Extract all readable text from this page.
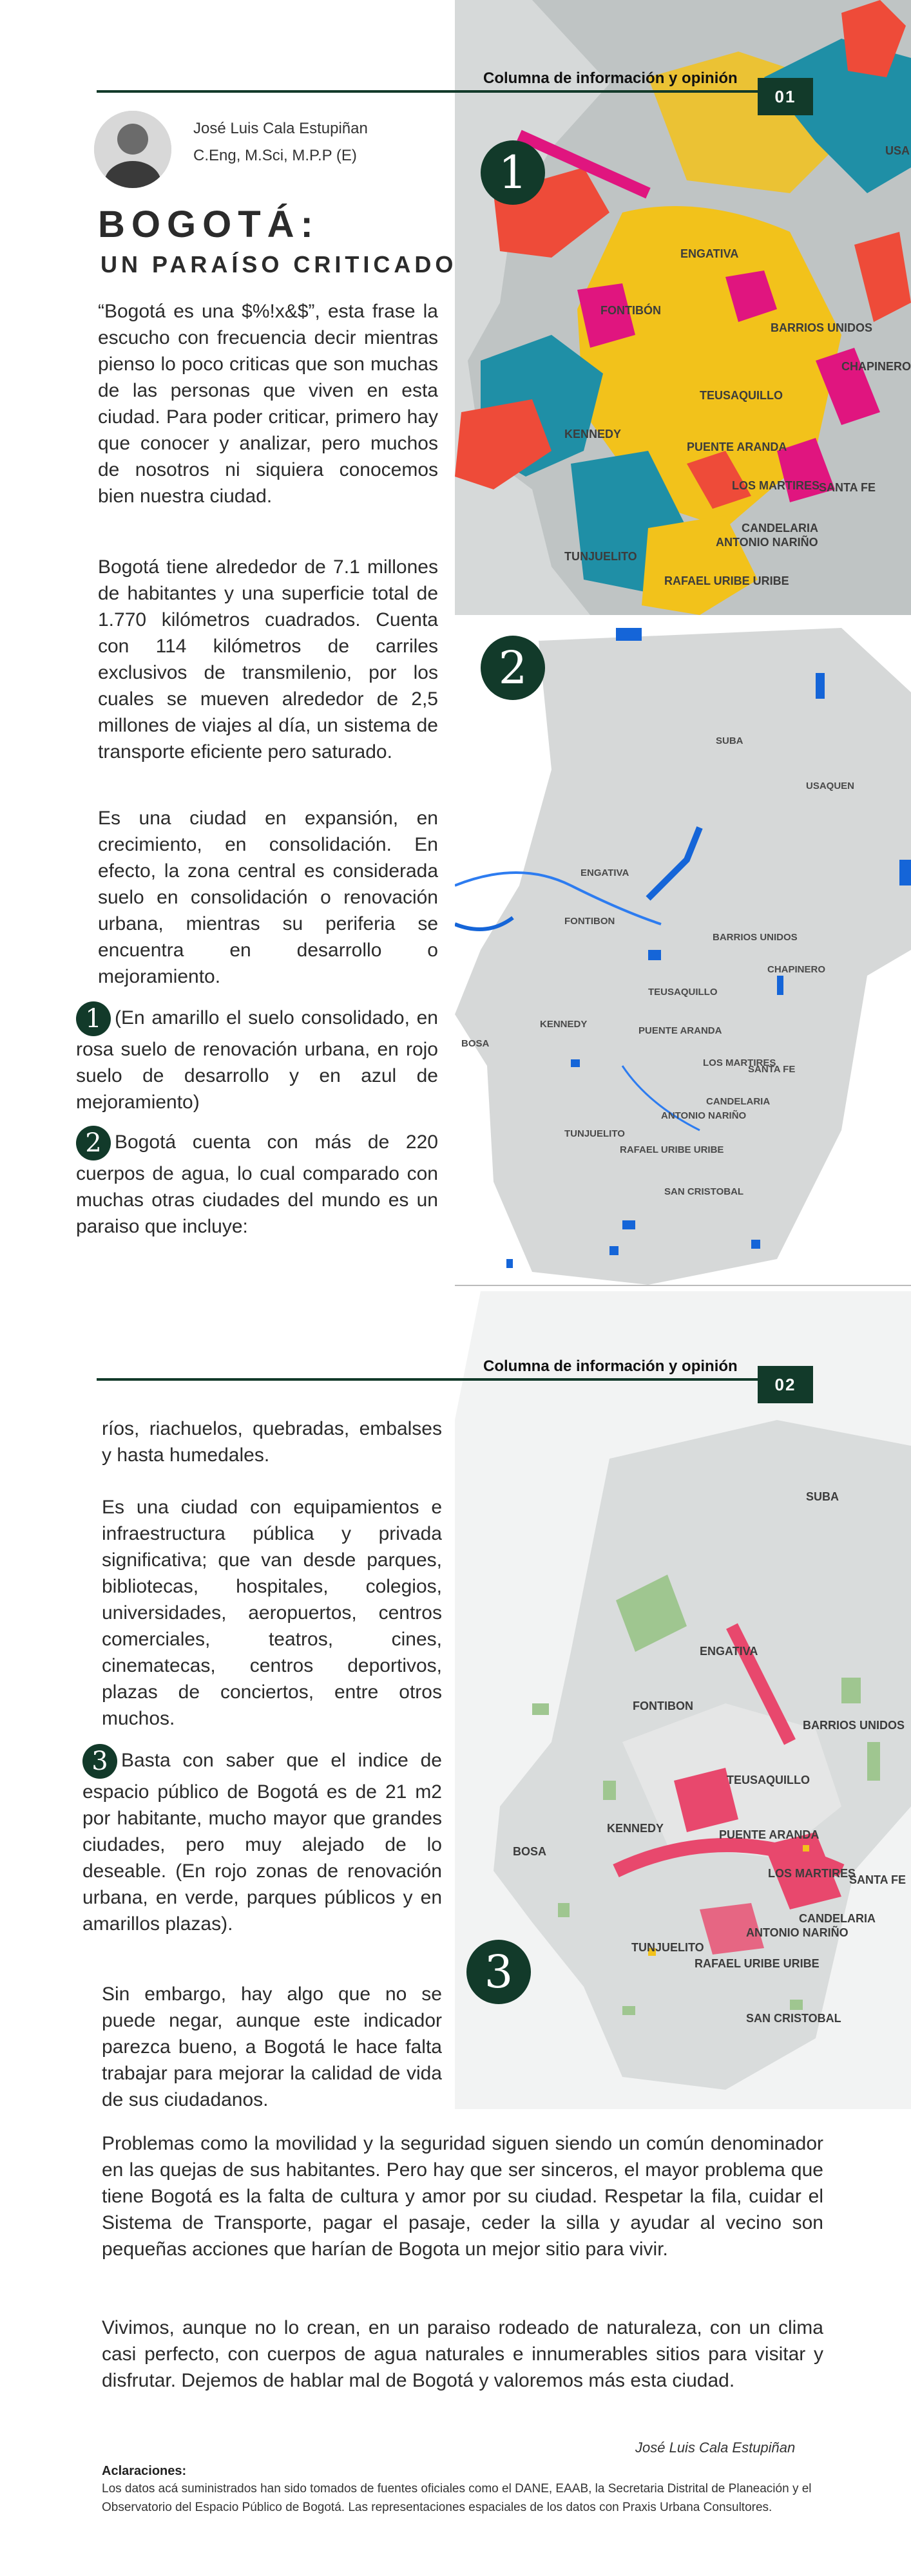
USA
ENGATIVA
FONTIBÓN
BARRIOS UNIDOS
CHAPINERO
TEUSAQUILLO
KENNEDY
PUENTE ARANDA
LOS MARTIRES
SANTA FE
CANDELARIA
ANTONIO NARIÑO
TUNJUELITO
RAFAEL URIBE URIBE
SUBA
USAQUEN
ENGATIVA
FONTIBON
BARRIOS UNIDOS
CHAPINERO
TEUSAQUILLO
KENNEDY
BOSA
PUENTE ARANDA
LOS MARTIRES
SANTA FE
CANDELARIA
ANTONIO NARIÑO
TUNJUELITO
RAFAEL URIBE URIBE
SAN CRISTOBAL
Columna de información y opinión
01
José Luis Cala Estupiñan
C.Eng, M.Sci, M.P.P (E)
BOGOTÁ:
UN PARAÍSO CRITICADO

“Bogotá es una $%!x&$”, esta frase la escucho con frecuencia decir mientras pienso lo poco criticas que son muchas de las personas que viven en esta ciudad. Para poder criticar, primero hay que conocer y analizar, pero muchos de nosotros ni siquiera conocemos bien nuestra ciudad.

Bogotá tiene alrededor de 7.1 millones de habitantes y una superficie total de 1.770 kilómetros cuadrados. Cuenta con 114 kilómetros de carriles exclusivos de transmilenio, por los cuales se mueven alrededor de 2,5 millones de viajes al día, un sistema de transporte eficiente pero saturado.

Es una ciudad en expansión, en crecimiento, en consolidación. En efecto, la zona central es considerada suelo en consolidación o renovación urbana, mientras su periferia se encuentra en desarrollo o mejoramiento.

1 (En amarillo el suelo consolidado, en rosa suelo de renovación urbana, en rojo suelo de desarrollo y en azul de mejoramiento)
2 Bogotá cuenta con más de 220 cuerpos de agua, lo cual comparado con muchas otras ciudades del mundo es un paraiso que incluye:
1
2
SUBA
ENGATIVA
FONTIBON
BARRIOS UNIDOS
TEUSAQUILLO
KENNEDY
BOSA
PUENTE ARANDA
LOS MARTIRES
SANTA FE
CANDELARIA
ANTONIO NARIÑO
TUNJUELITO
RAFAEL URIBE URIBE
SAN CRISTOBAL
Columna de información y opinión
02

ríos, riachuelos, quebradas, embalses y hasta humedales.

Es una ciudad con equipamientos e infraestructura pública y privada significativa; que van desde parques, bibliotecas, hospitales, colegios, universidades, aeropuertos, centros comerciales, teatros, cines, cinematecas, centros deportivos, plazas de conciertos, entre otros muchos.

3 Basta con saber que el indice de espacio público de Bogotá es de 21 m2 por habitante, mucho mayor que grandes ciudades, pero muy alejado de lo deseable. (En rojo zonas de renovación urbana, en verde, parques públicos y en amarillos plazas).

Sin embargo, hay algo que no se puede negar, aunque este indicador parezca bueno, a Bogotá le hace falta trabajar para mejorar la calidad de vida de sus ciudadanos.

3

Problemas como la movilidad y la seguridad siguen siendo un común denominador en las quejas de sus habitantes. Pero hay que ser sinceros, el mayor problema que tiene Bogotá es la falta de cultura y amor por su ciudad. Respetar la fila, cuidar el Sistema de Transporte, pagar el pasaje, ceder la silla y ayudar al vecino son pequeñas acciones que harían de Bogota un mejor sitio para vivir.

Vivimos, aunque no lo crean, en un paraiso rodeado de naturaleza, con un clima casi perfecto, con cuerpos de agua naturales e innumerables sitios para visitar y disfrutar. Dejemos de hablar mal de Bogotá y valoremos más esta ciudad.

José Luis Cala Estupiñan
Aclaraciones:

Los datos acá suministrados han sido tomados de fuentes oficiales como el DANE, EAAB, la Secretaria Distrital de Planeación y el Observatorio del Espacio Público de Bogotá. Las representaciones espaciales de los datos con Praxis Urbana Consultores.
